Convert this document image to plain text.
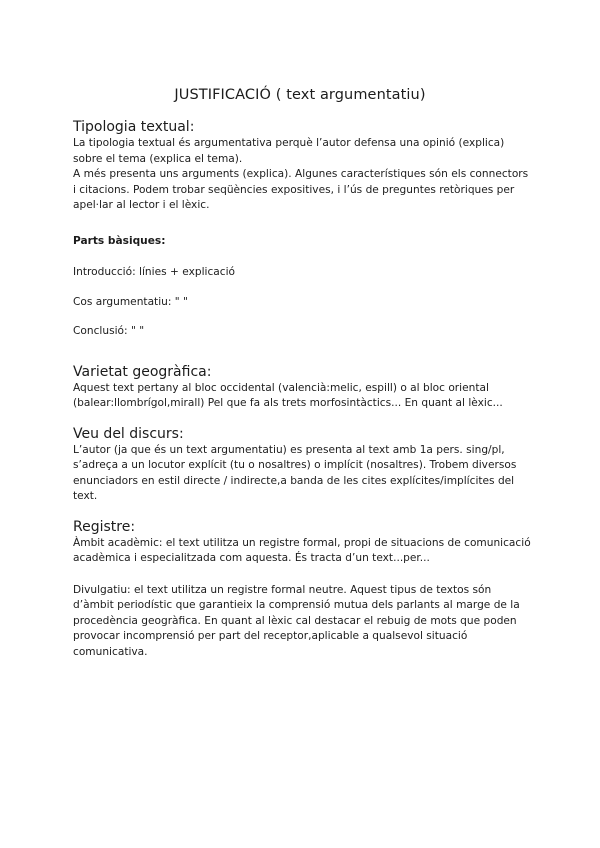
JUSTIFICACIÓ ( text argumentatiu)
Tipologia textual:

La tipologia textual és argumentativa perquè l’autor defensa una opinió (explica) sobre el tema (explica el tema).

A més presenta uns arguments (explica). Algunes característiques són els connectors i citacions. Podem trobar seqüències expositives, i l’ús de preguntes retòriques per apel·lar al lector i el lèxic.

Parts bàsiques:

Introducció: línies + explicació

Cos argumentatiu: " "

Conclusió: " "

Varietat geogràfica:

Aquest text pertany al bloc occidental (valencià:melic, espill) o al bloc oriental (balear:llombrígol,mirall) Pel que fa als trets morfosintàctics... En quant al lèxic...

Veu del discurs:

L’autor (ja que és un text argumentatiu) es presenta al text amb 1a pers. sing/pl, s’adreça a un locutor explícit (tu o nosaltres) o implícit (nosaltres). Trobem diversos enunciadors en estil directe / indirecte,a banda de les cites explícites/implícites del text.

Registre:

Àmbit acadèmic: el text utilitza un registre formal, propi de situacions de comunicació acadèmica i especialitzada com aquesta. És tracta d’un text...per...

Divulgatiu: el text utilitza un registre formal neutre. Aquest tipus de textos són d’àmbit periodístic que garantieix la comprensió mutua dels parlants al marge de la procedència geogràfica. En quant al lèxic cal destacar el rebuig de mots que poden provocar incomprensió per part del receptor,aplicable a qualsevol situació comunicativa.
